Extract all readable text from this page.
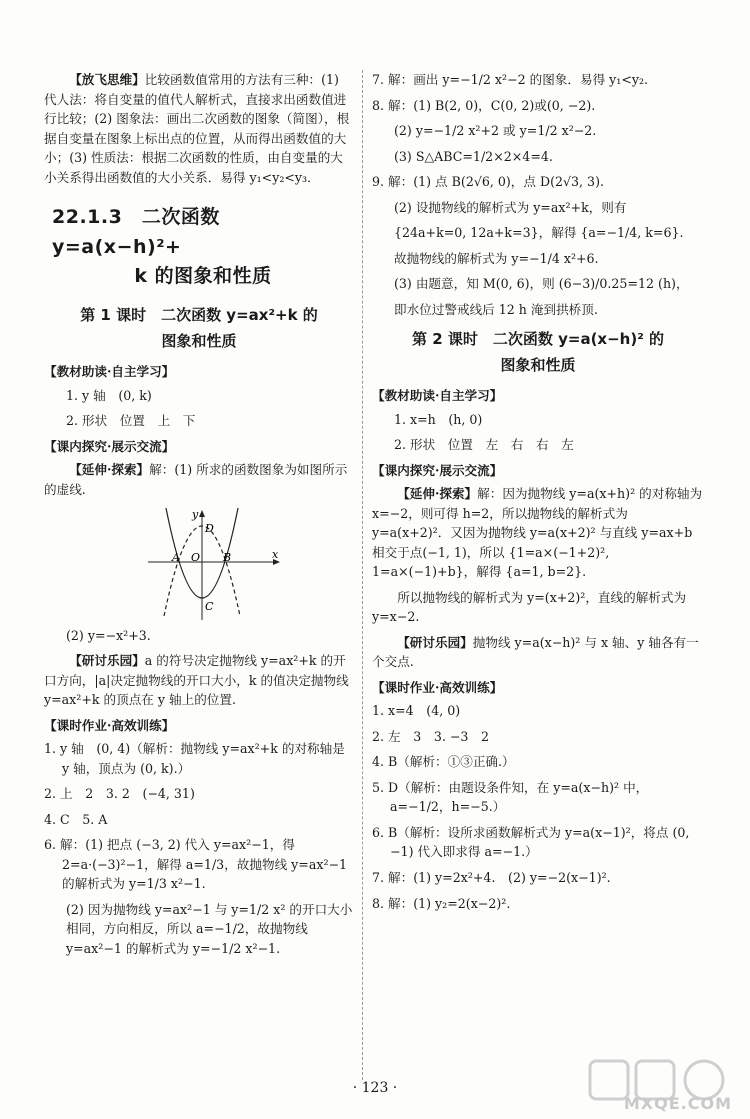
【放飞思维】比较函数值常用的方法有三种：(1) 代人法：将自变量的值代人解析式，直接求出函数值进行比较；(2) 图象法：画出二次函数的图象（简图），根据自变量在图象上标出点的位置，从而得出函数值的大小；(3) 性质法：根据二次函数的性质，由自变量的大小关系得出函数值的大小关系．易得 y₁<y₂<y₃．

22.1.3　二次函数 y=a(x−h)²+
k 的图象和性质
第 1 课时　二次函数 y=ax²+k 的
图象和性质
【教材助读·自主学习】

1. y 轴　(0, k)

2. 形状　位置　上　下

【课内探究·展示交流】

【延伸·探索】解：(1) 所求的函数图象为如图所示的虚线.

y
D
A O B	x
C

(2) y=−x²+3.

【研讨乐园】a 的符号决定抛物线 y=ax²+k 的开口方向，|a|决定抛物线的开口大小，k 的值决定抛物线 y=ax²+k 的顶点在 y 轴上的位置.

【课时作业·高效训练】

1. y 轴　(0, 4)（解析：抛物线 y=ax²+k 的对称轴是 y 轴，顶点为 (0, k).）

2. 上　2　3. 2　(−4, 31)

4. C　5. A

6. 解：(1) 把点 (−3, 2) 代入 y=ax²−1，得 2=a·(−3)²−1，解得 a=1/3，故抛物线 y=ax²−1 的解析式为 y=1/3 x²−1.

(2) 因为抛物线 y=ax²−1 与 y=1/2 x² 的开口大小相同，方向相反，所以 a=−1/2，故抛物线 y=ax²−1 的解析式为 y=−1/2 x²−1.

7. 解：画出 y=−1/2 x²−2 的图象．易得 y₁<y₂.

8. 解：(1) B(2, 0)，C(0, 2)或(0, −2).

(2) y=−1/2 x²+2 或 y=1/2 x²−2.

(3) S△ABC=1/2×2×4=4.

9. 解：(1) 点 B(2√6, 0)，点 D(2√3, 3).

(2) 设抛物线的解析式为 y=ax²+k，则有

{24a+k=0, 12a+k=3}，解得 {a=−1/4, k=6}.

故抛物线的解析式为 y=−1/4 x²+6.

(3) 由题意，知 M(0, 6)，则 (6−3)/0.25=12 (h)，

即水位过警戒线后 12 h 淹到拱桥顶.

第 2 课时　二次函数 y=a(x−h)² 的
图象和性质
【教材助读·自主学习】

1. x=h　(h, 0)

2. 形状　位置　左　右　右　左

【课内探究·展示交流】

【延伸·探索】解：因为抛物线 y=a(x+h)² 的对称轴为 x=−2，则可得 h=2，所以抛物线的解析式为 y=a(x+2)²．又因为抛物线 y=a(x+2)² 与直线 y=ax+b 相交于点(−1, 1)，所以 {1=a×(−1+2)², 1=a×(−1)+b}，解得 {a=1, b=2}.

所以抛物线的解析式为 y=(x+2)²，直线的解析式为 y=x−2.

【研讨乐园】抛物线 y=a(x−h)² 与 x 轴、y 轴各有一个交点.

【课时作业·高效训练】

1. x=4　(4, 0)

2. 左　3　3. −3　2

4. B（解析：①③正确.）

5. D（解析：由题设条件知，在 y=a(x−h)² 中，a=−1/2，h=−5.）

6. B（解析：设所求函数解析式为 y=a(x−1)²，将点 (0, −1) 代入即求得 a=−1.）

7. 解：(1) y=2x²+4.　(2) y=−2(x−1)².

8. 解：(1) y₂=2(x−2)².

· 123 ·
MXQE.COM
